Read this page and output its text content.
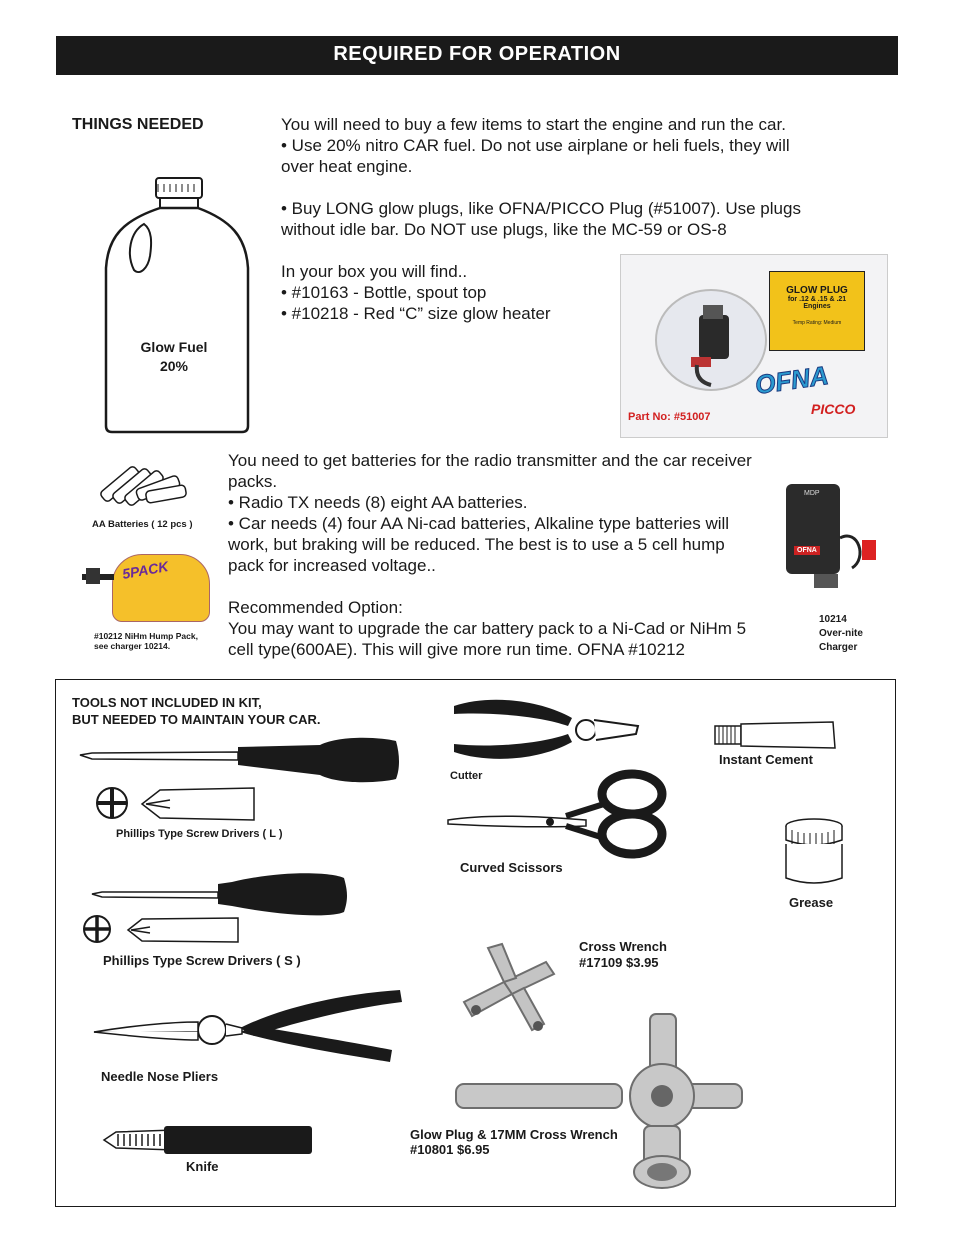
REQUIRED FOR OPERATION
THINGS NEEDED	You will need to buy a few items to start the engine and run the car.
• Use 20% nitro CAR fuel. Do not use airplane or heli fuels, they will
over heat engine.
• Buy LONG glow plugs, like OFNA/PICCO Plug (#51007). Use plugs
without idle bar. Do NOT use plugs, like the MC-59 or OS-8
In your box you will find..
• #10163 - Bottle, spout top
• #10218 - Red “C” size glow heater
Glow Fuel
20%
GLOW PLUG
for .12 & .15 & .21
Engines
Temp Rating: Medium
OFNA
PICCO
Part No: #51007
AA Batteries ( 12 pcs )
5PACK
#10212 NiHm Hump Pack,
see charger 10214.
You need to get batteries for the radio transmitter and the car receiver
packs.
• Radio TX needs (8) eight AA batteries.
• Car needs (4) four AA Ni-cad batteries, Alkaline type batteries will
work, but braking will be reduced. The best is to use a 5 cell hump
pack for increased voltage..
Recommended Option:
You may want to upgrade the car battery pack to a Ni-Cad or NiHm 5
cell type(600AE). This will give more run time. OFNA #10212
MDP
OFNA
10214
Over-nite
Charger
TOOLS NOT INCLUDED IN KIT,
BUT NEEDED TO MAINTAIN YOUR CAR.
Phillips Type Screw Drivers ( L )
Phillips Type Screw Drivers ( S )
Needle Nose Pliers
Knife
Cutter
Curved Scissors
Instant Cement
Grease
Cross Wrench
#17109 $3.95
Glow Plug & 17MM Cross Wrench
#10801 $6.95
